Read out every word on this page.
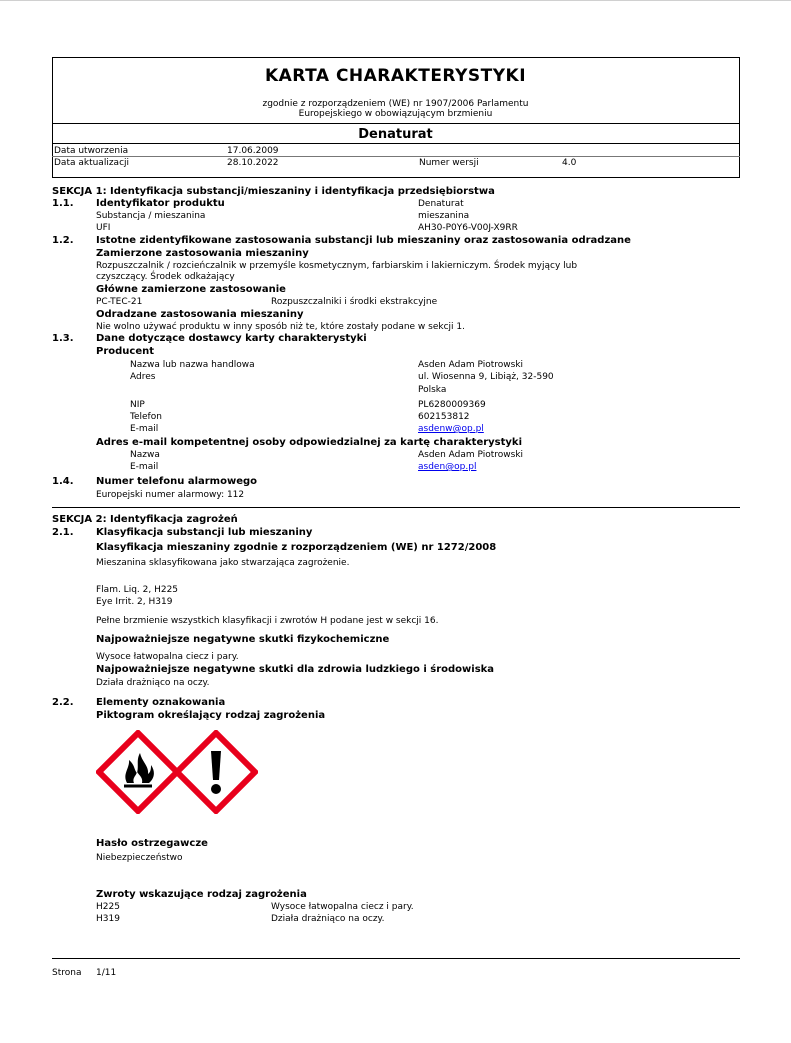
KARTA CHARAKTERYSTYKI
zgodnie z rozporządzeniem (WE) nr 1907/2006 Parlamentu
Europejskiego w obowiązującym brzmieniu
Denaturat
Data utworzenia	17.06.2009
Data aktualizacji	28.10.2022	Numer wersji	4.0
SEKCJA 1: Identyfikacja substancji/mieszaniny i identyfikacja przedsiębiorstwa
1.1. Identyfikator produktu	Denaturat
Substancja / mieszanina	mieszanina
UFI	AH30-P0Y6-V00J-X9RR
1.2. Istotne zidentyfikowane zastosowania substancji lub mieszaniny oraz zastosowania odradzane
Zamierzone zastosowania mieszaniny
Rozpuszczalnik / rozcieńczalnik w przemyśle kosmetycznym, farbiarskim i lakierniczym. Środek myjący lub
czyszczący. Środek odkażający
Główne zamierzone zastosowanie
PC-TEC-21	Rozpuszczalniki i środki ekstrakcyjne
Odradzane zastosowania mieszaniny
Nie wolno używać produktu w inny sposób niż te, które zostały podane w sekcji 1.
1.3. Dane dotyczące dostawcy karty charakterystyki
Producent
Nazwa lub nazwa handlowa	Asden Adam Piotrowski
Adres	ul. Wiosenna 9, Libiąż, 32-590
Polska
NIP	PL6280009369
Telefon	602153812
E-mail	asdenw@op.pl
Adres e-mail kompetentnej osoby odpowiedzialnej za kartę charakterystyki
Nazwa	Asden Adam Piotrowski
E-mail	asden@op.pl
1.4. Numer telefonu alarmowego
Europejski numer alarmowy: 112
SEKCJA 2: Identyfikacja zagrożeń
2.1. Klasyfikacja substancji lub mieszaniny
Klasyfikacja mieszaniny zgodnie z rozporządzeniem (WE) nr 1272/2008
Mieszanina sklasyfikowana jako stwarzająca zagrożenie.
Flam. Liq. 2, H225
Eye Irrit. 2, H319
Pełne brzmienie wszystkich klasyfikacji i zwrotów H podane jest w sekcji 16.
Najpoważniejsze negatywne skutki fizykochemiczne
Wysoce łatwopalna ciecz i pary.
Najpoważniejsze negatywne skutki dla zdrowia ludzkiego i środowiska
Działa drażniąco na oczy.
2.2. Elementy oznakowania
Piktogram określający rodzaj zagrożenia
Hasło ostrzegawcze
Niebezpieczeństwo
Zwroty wskazujące rodzaj zagrożenia
H225	Wysoce łatwopalna ciecz i pary.
H319	Działa drażniąco na oczy.
Strona 1/11
